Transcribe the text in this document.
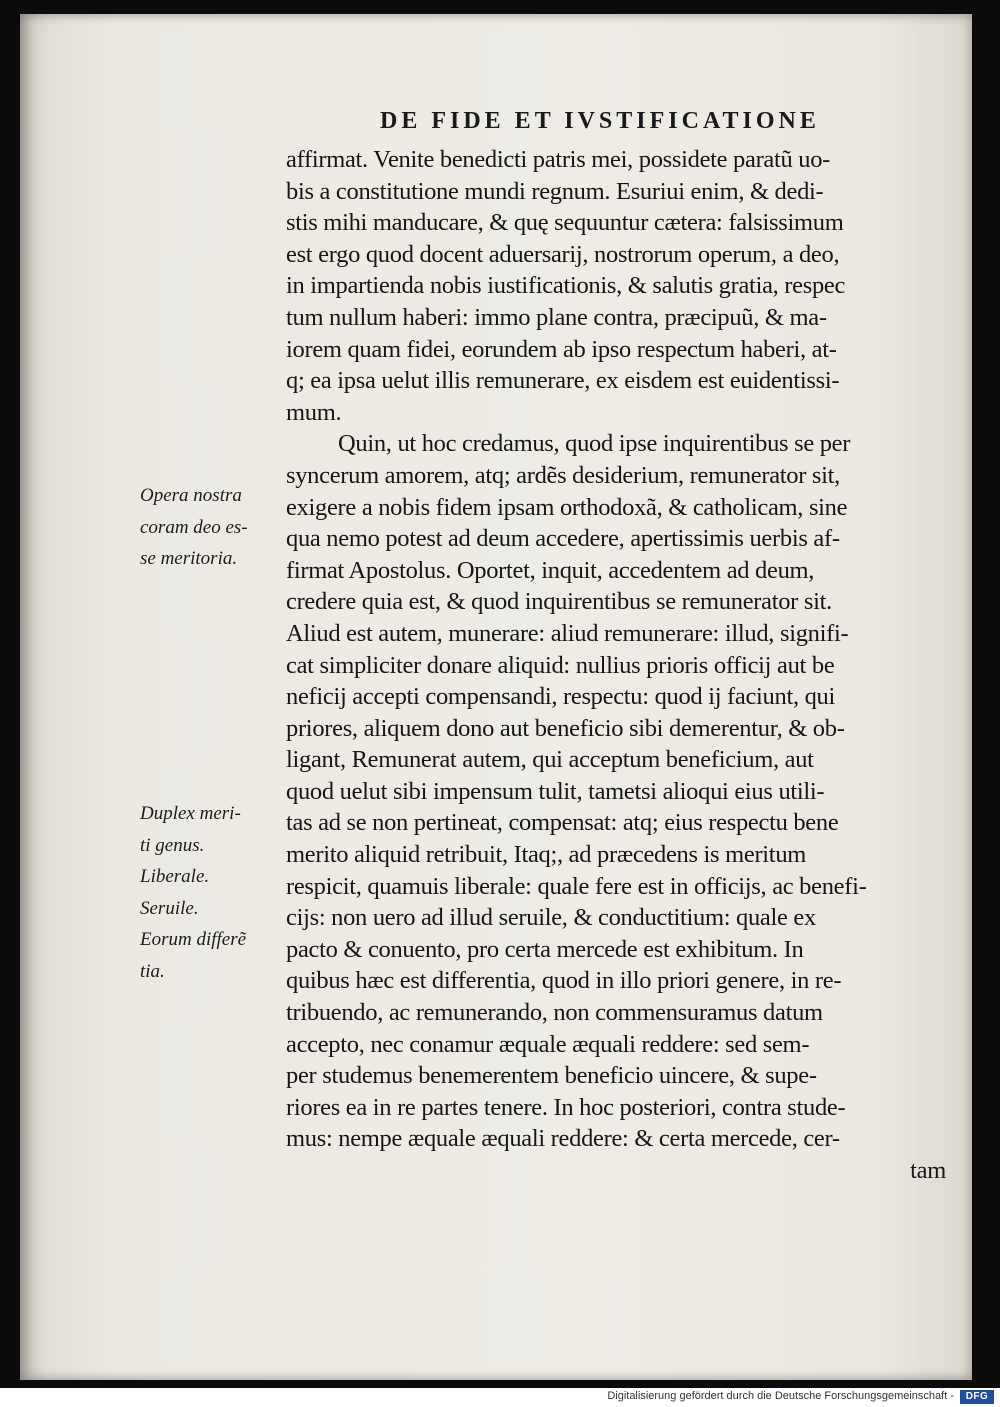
DE FIDE ET IVSTIFICATIONE
affirmat. Venite benedicti patris mei, possidete paratũ uo-
bis a constitutione mundi regnum. Esuriui enim, & dedi-
stis mihi manducare, & quę sequuntur cætera: falsissimum
est ergo quod docent aduersarij, nostrorum operum, a deo,
in impartienda nobis iustificationis, & salutis gratia, respec
tum nullum haberi: immo plane contra, præcipuũ, & ma-
iorem quam fidei, eorundem ab ipso respectum haberi, at-
q; ea ipsa uelut illis remunerare, ex eisdem est euidentissi-
mum.
Quin, ut hoc credamus, quod ipse inquirentibus se per
syncerum amorem, atq; ardẽs desiderium, remunerator sit,
exigere a nobis fidem ipsam orthodoxã, & catholicam, sine
qua nemo potest ad deum accedere, apertissimis uerbis af-
firmat Apostolus. Oportet, inquit, accedentem ad deum,
credere quia est, & quod inquirentibus se remunerator sit.
Aliud est autem, munerare: aliud remunerare: illud, signifi-
cat simpliciter donare aliquid: nullius prioris officij aut be
neficij accepti compensandi, respectu: quod ij faciunt, qui
priores, aliquem dono aut beneficio sibi demerentur, & ob-
ligant, Remunerat autem, qui acceptum beneficium, aut
quod uelut sibi impensum tulit, tametsi alioqui eius utili-
tas ad se non pertineat, compensat: atq; eius respectu bene
merito aliquid retribuit, Itaq;, ad præcedens is meritum
respicit, quamuis liberale: quale fere est in officijs, ac benefi-
cijs: non uero ad illud seruile, & conductitium: quale ex
pacto & conuento, pro certa mercede est exhibitum. In
quibus hæc est differentia, quod in illo priori genere, in re-
tribuendo, ac remunerando, non commensuramus datum
accepto, nec conamur æquale æquali reddere: sed sem-
per studemus benemerentem beneficio uincere, & supe-
riores ea in re partes tenere. In hoc posteriori, contra stude-
mus: nempe æquale æquali reddere: & certa mercede, cer-
tam
Opera nostra
coram deo es-
se meritoria.
Duplex meri-
ti genus.
Liberale.
Seruile.
Eorum differẽ
tia.
Digitalisierung gefördert durch die Deutsche Forschungsgemeinschaft -	DFG
